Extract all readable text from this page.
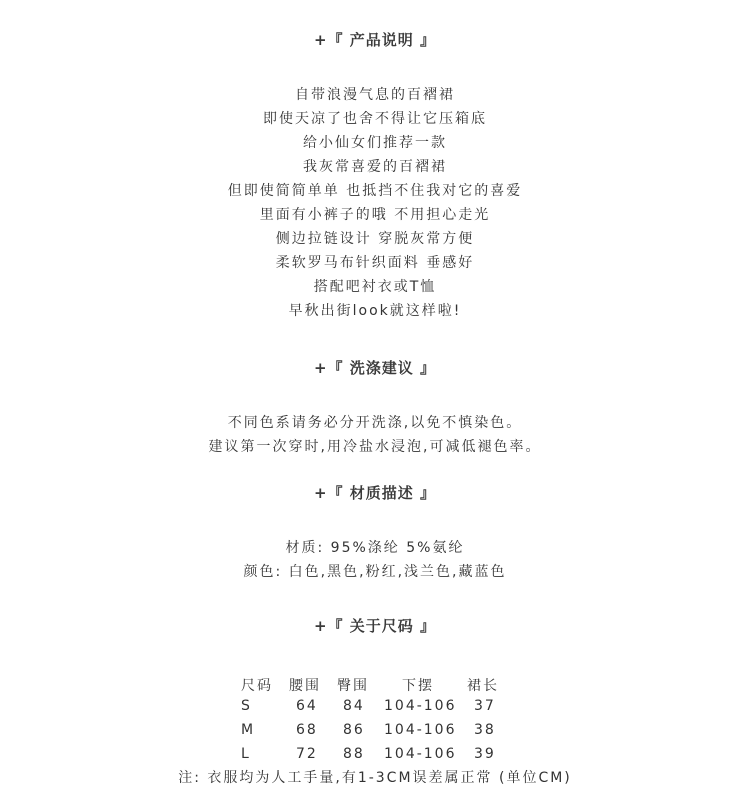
+『 产品说明 』
自带浪漫气息的百褶裙
即使天凉了也舍不得让它压箱底
给小仙女们推荐一款
我灰常喜爱的百褶裙
但即使简简单单 也抵挡不住我对它的喜爱
里面有小裤子的哦 不用担心走光
侧边拉链设计 穿脱灰常方便
柔软罗马布针织面料 垂感好
搭配吧衬衣或T恤
早秋出街look就这样啦!
+『 洗涤建议 』
不同色系请务必分开洗涤,以免不慎染色。
建议第一次穿时,用冷盐水浸泡,可减低褪色率。
+『 材质描述 』
材质: 95%涤纶 5%氨纶
颜色: 白色,黑色,粉红,浅兰色,藏蓝色
+『 关于尺码 』
尺码 腰围 臀围 下摆 裙长
S	64 84 104-106 37
M	68 86 104-106 38
L	72 88 104-106 39
注: 衣服均为人工手量,有1-3CM误差属正常 (单位CM)
